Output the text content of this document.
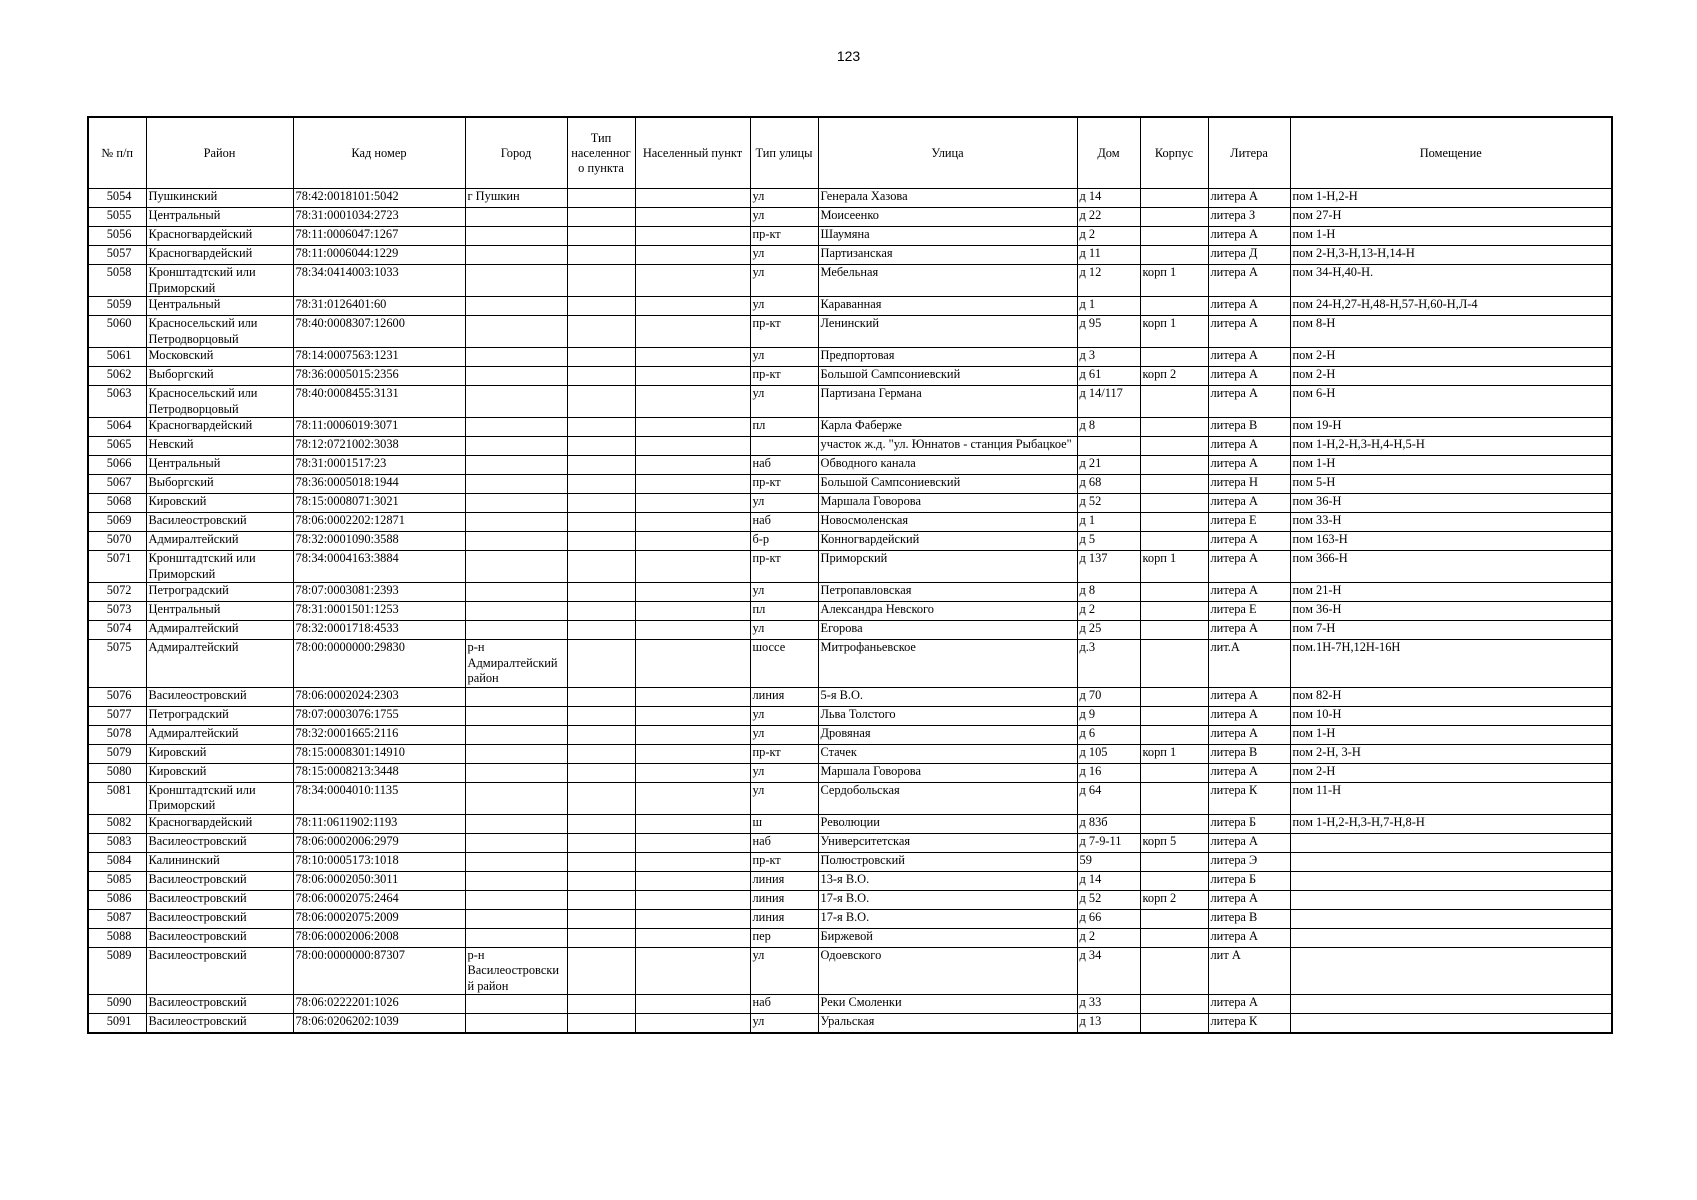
123
№ п/п	Район	Кад номер	Город	Тип населенного пункта	Населенный пункт	Тип улицы	Улица	Дом	Корпус	Литера	Помещение
5054	Пушкинский	78:42:0018101:5042	г Пушкин			ул	Генерала Хазова	д 14		литера А	пом 1-Н,2-Н
5055	Центральный	78:31:0001034:2723				ул	Моисеенко	д 22		литера З	пом 27-Н
5056	Красногвардейский	78:11:0006047:1267				пр-кт	Шаумяна	д 2		литера А	пом 1-Н
5057	Красногвардейский	78:11:0006044:1229				ул	Партизанская	д 11		литера Д	пом 2-Н,3-Н,13-Н,14-Н
5058	Кронштадтский или Приморский	78:34:0414003:1033				ул	Мебельная	д 12	корп 1	литера А	пом 34-Н,40-Н.
5059	Центральный	78:31:0126401:60				ул	Караванная	д 1		литера А	пом 24-Н,27-Н,48-Н,57-Н,60-Н,Л-4
5060	Красносельский или Петродворцовый	78:40:0008307:12600				пр-кт	Ленинский	д 95	корп 1	литера А	пом 8-Н
5061	Московский	78:14:0007563:1231				ул	Предпортовая	д 3		литера А	пом 2-Н
5062	Выборгский	78:36:0005015:2356				пр-кт	Большой Сампсониевский	д 61	корп 2	литера А	пом 2-Н
5063	Красносельский или Петродворцовый	78:40:0008455:3131				ул	Партизана Германа	д 14/117		литера А	пом 6-Н
5064	Красногвардейский	78:11:0006019:3071				пл	Карла Фаберже	д 8		литера В	пом 19-Н
5065	Невский	78:12:0721002:3038					участок ж.д. "ул. Юннатов - станция Рыбацкое"			литера А	пом 1-Н,2-Н,3-Н,4-Н,5-Н
5066	Центральный	78:31:0001517:23				наб	Обводного канала	д 21		литера А	пом 1-Н
5067	Выборгский	78:36:0005018:1944				пр-кт	Большой Сампсониевский	д 68		литера Н	пом 5-Н
5068	Кировский	78:15:0008071:3021				ул	Маршала Говорова	д 52		литера А	пом 36-Н
5069	Василеостровский	78:06:0002202:12871				наб	Новосмоленская	д 1		литера Е	пом 33-Н
5070	Адмиралтейский	78:32:0001090:3588				б-р	Конногвардейский	д 5		литера А	пом 163-Н
5071	Кронштадтский или Приморский	78:34:0004163:3884				пр-кт	Приморский	д 137	корп 1	литера А	пом 366-Н
5072	Петроградский	78:07:0003081:2393				ул	Петропавловская	д 8		литера А	пом 21-Н
5073	Центральный	78:31:0001501:1253				пл	Александра Невского	д 2		литера Е	пом 36-Н
5074	Адмиралтейский	78:32:0001718:4533				ул	Егорова	д 25		литера А	пом 7-Н
5075	Адмиралтейский	78:00:0000000:29830	р-н Адмиралтейский район			шоссе	Митрофаньевское	д.3		лит.А	пом.1Н-7Н,12Н-16Н
5076	Василеостровский	78:06:0002024:2303				линия	5-я В.О.	д 70		литера А	пом 82-Н
5077	Петроградский	78:07:0003076:1755				ул	Льва Толстого	д 9		литера А	пом 10-Н
5078	Адмиралтейский	78:32:0001665:2116				ул	Дровяная	д 6		литера А	пом 1-Н
5079	Кировский	78:15:0008301:14910				пр-кт	Стачек	д 105	корп 1	литера В	пом 2-Н, 3-Н
5080	Кировский	78:15:0008213:3448				ул	Маршала Говорова	д 16		литера А	пом 2-Н
5081	Кронштадтский или Приморский	78:34:0004010:1135				ул	Сердобольская	д 64		литера К	пом 11-Н
5082	Красногвардейский	78:11:0611902:1193				ш	Революции	д 83б		литера Б	пом 1-Н,2-Н,3-Н,7-Н,8-Н
5083	Василеостровский	78:06:0002006:2979				наб	Университетская	д 7-9-11	корп 5	литера А	
5084	Калининский	78:10:0005173:1018				пр-кт	Полюстровский	59		литера Э	
5085	Василеостровский	78:06:0002050:3011				линия	13-я В.О.	д 14		литера Б	
5086	Василеостровский	78:06:0002075:2464				линия	17-я В.О.	д 52	корп 2	литера А	
5087	Василеостровский	78:06:0002075:2009				линия	17-я В.О.	д 66		литера В	
5088	Василеостровский	78:06:0002006:2008				пер	Биржевой	д 2		литера А	
5089	Василеостровский	78:00:0000000:87307	р-н Василеостровский район			ул	Одоевского	д 34		лит А	
5090	Василеостровский	78:06:0222201:1026				наб	Реки Смоленки	д 33		литера А	
5091	Василеостровский	78:06:0206202:1039				ул	Уральская	д 13		литера К	
